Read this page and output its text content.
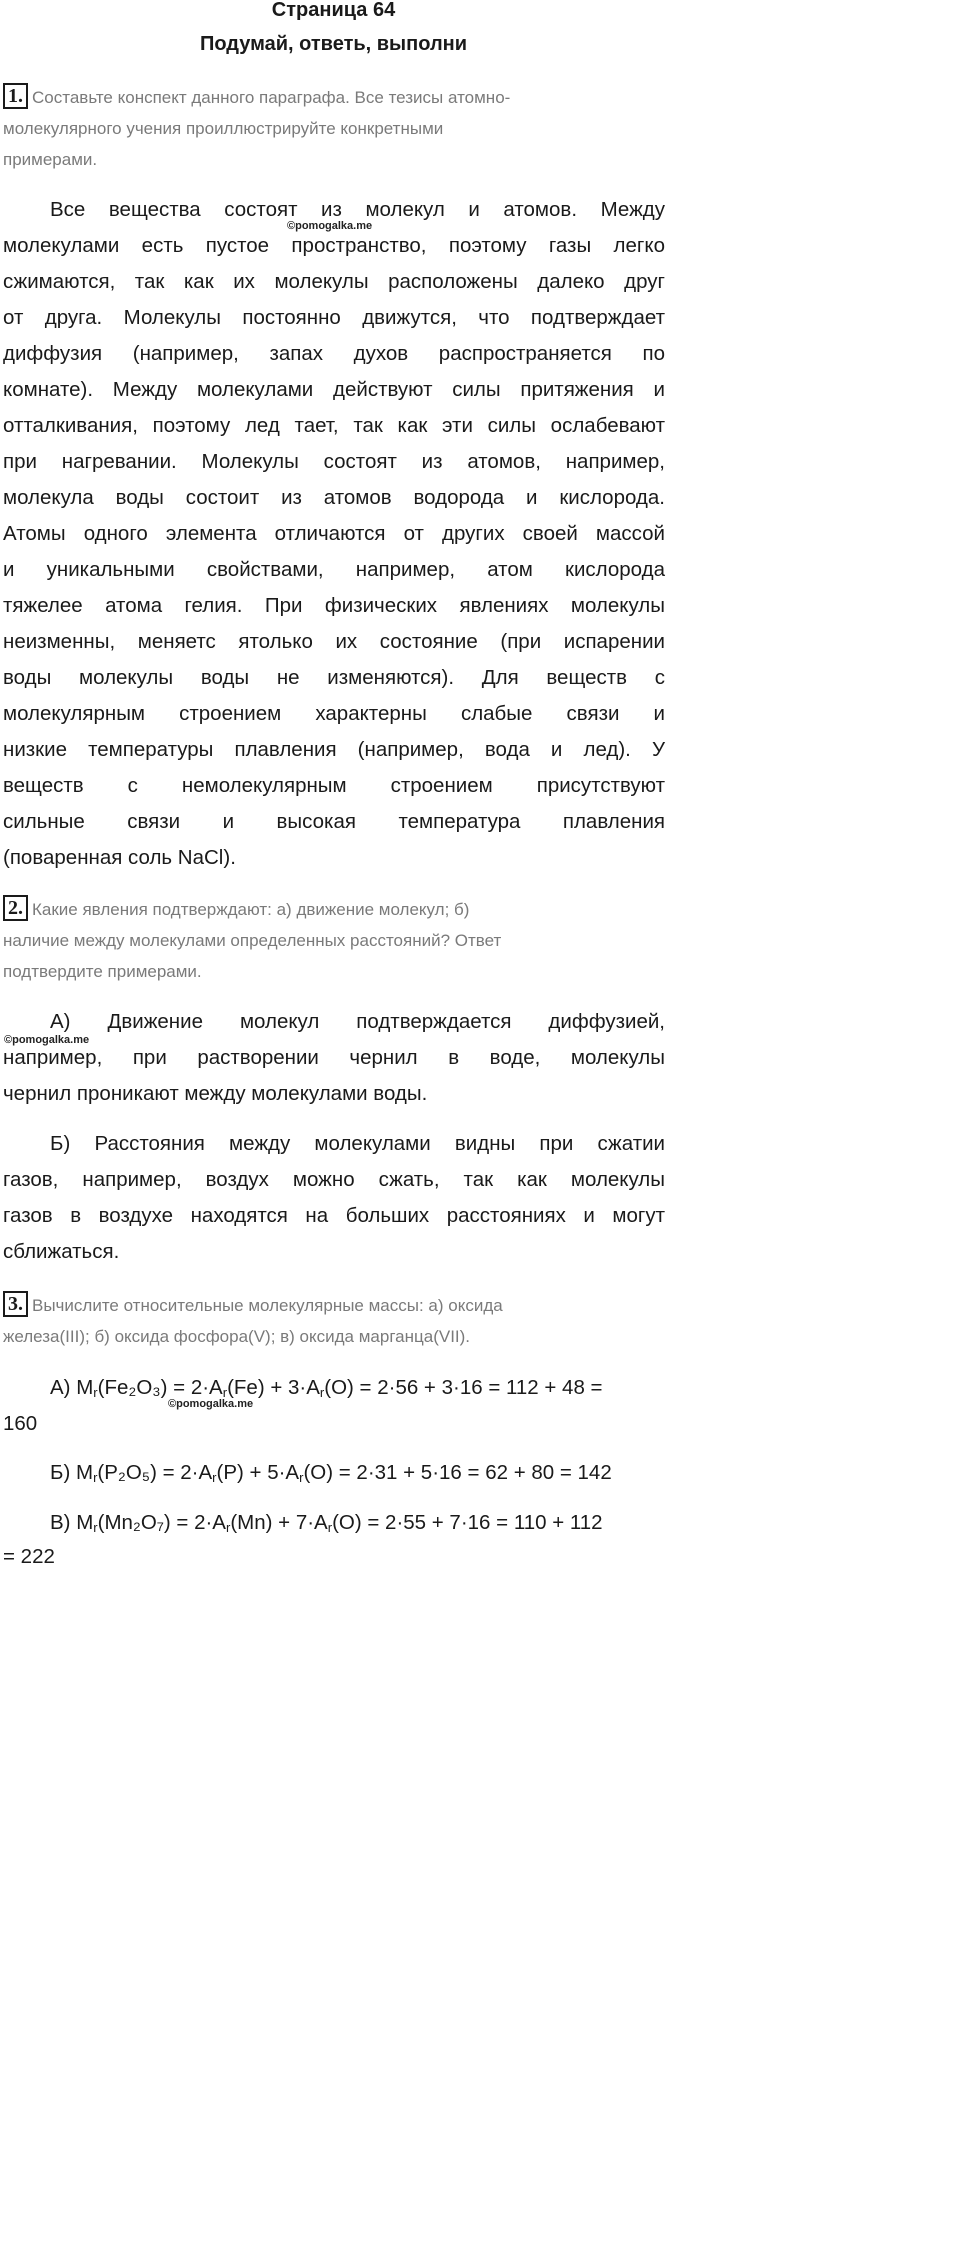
Страница 64
Подумай, ответь, выполни
1. Составьте конспект данного параграфа. Все тезисы атомно-
молекулярного учения проиллюстрируйте конкретными
примерами.
©pomogalka.me
Все вещества состоят из молекул и атомов. Между
молекулами есть пустое пространство, поэтому газы легко
сжимаются, так как их молекулы расположены далеко друг
от друга. Молекулы постоянно движутся, что подтверждает
диффузия (например, запах духов распространяется по
комнате). Между молекулами действуют силы притяжения и
отталкивания, поэтому лед тает, так как эти силы ослабевают
при нагревании. Молекулы состоят из атомов, например,
молекула воды состоит из атомов водорода и кислорода.
Атомы одного элемента отличаются от других своей массой
и уникальными свойствами, например, атом кислорода
тяжелее атома гелия. При физических явлениях молекулы
неизменны, меняетс ятолько их состояние (при испарении
воды молекулы воды не изменяются). Для веществ с
молекулярным строением характерны слабые связи и
низкие температуры плавления (например, вода и лед). У
веществ с немолекулярным строением присутствуют
сильные связи и высокая температура плавления
(поваренная соль NaCl).
2. Какие явления подтверждают: а) движение молекул; б)
наличие между молекулами определенных расстояний? Ответ
подтвердите примерами.
©pomogalka.me
А) Движение молекул подтверждается диффузией,
например, при растворении чернил в воде, молекулы
чернил проникают между молекулами воды.
Б) Расстояния между молекулами видны при сжатии
газов, например, воздух можно сжать, так как молекулы
газов в воздухе находятся на больших расстояниях и могут
сближаться.
3. Вычислите относительные молекулярные массы: а) оксида
железа(III); б) оксида фосфора(V); в) оксида марганца(VII).
А) $M_r(Fe_2O_3) = 2\cdot A_r(Fe) + 3\cdot A_r(O) = 2\cdot 56 + 3\cdot 16 = 112 + 48$ =
©pomogalka.me
160
Б) $M_r(P_2O_5) = 2\cdot A_r(P) + 5\cdot A_r(O) = 2\cdot 31 + 5\cdot 16 = 62 + 80 = 142$
В) $M_r(Mn_2O_7) = 2\cdot A_r(Mn) + 7\cdot A_r(O) = 2\cdot 55 + 7\cdot 16 = 110 + 112$
= 222
